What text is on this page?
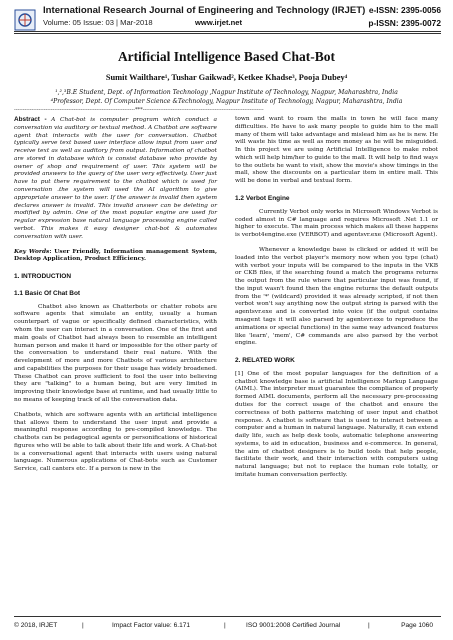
International Research Journal of Engineering and Technology (IRJET) e-ISSN: 2395-0056
Volume: 05 Issue: 03 | Mar-2018	www.irjet.net	p-ISSN: 2395-0072
Artificial Intelligence Based Chat-Bot
Sumit Wailthare¹, Tushar Gaikwad², Ketkee Khadse³, Pooja Dubey⁴
¹,²,³B.E Student, Dept. of Information Technology ,Nagpur Institute of Technology, Nagpur, Maharashtra, India
⁴Professor, Dept. Of Computer Science &Technology, Nagpur Institute of Technology, Nagpur, Maharashtra, India
---------------------------------------------------------------------***---------------------------------------------------------------------

Abstract - A Chat-bot is computer program which conduct a conversation via auditory or textual method. A Chatbot are software agent that interacts with the user for conversation. Chatbot typically serve text based user interface allow input from user and receive text as well as auditory from output. Information of chatbot are stored in database which is consist database who provide by owner of shop and requirement of user. This system will be provided answers to the query of the user very effectively. User just have to put there requirement to the chatbot which is used for conversation .the system will used the AI algorithm to give appropriate answer to the user. If the answer is invalid then system declares answer is invalid. This invalid answer can be deleting or modified by admin. One of the most popular engine are used for regular expression base natural language processing engine called verbot. This makes it easy designer chat-bot & automates conversation with user.

Key Words: User Friendly, Information management System, Desktop Application, Product Efficiency.

1. INTRODUCTION
1.1 Basic Of Chat Bot

Chatbot also known as Chatterbots or chatter robots are software agents that simulate an entity, usually a human counterpart of vague or specifically defined characteristics, with whom the user can interact in a conversation. One of the first and main goals of Chatbot had always been to resemble an intelligent human person and make it hard or impossible for the other party of the conversation to understand their real nature. With the development of more and more Chatbots of various architecture and capabilities the purposes for their usage has widely broadened. These Chatbot can prove sufficient to fool the user into believing they are "talking" to a human being, but are very limited in improving their knowledge base at runtime, and had usually little to no means of keeping track of all the conversation data.

Chatbots, which are software agents with an artificial intelligence that allows them to understand the user input and provide a meaningful response according to pre-compiled knowledge. The chatbots can be pedagogical agents or personifications of historical figures who will be able to talk about their life and work. A Chat-bot is a conversational agent that interacts with users using natural language. Numerous applications of Chat-bots such as Customer Service, call canters etc. If a person is new in the

town and want to roam the malls in town he will face many difficulties. He have to ask many people to guide him to the mall many of them will take advantage and mislead him as he is new. He will waste his time as well as more money as he will be misguided. In this project we are using Artificial Intelligence to make robot which will help him/her to guide to the mall. It will help to find ways to the outlets he want to visit, show the movie's show timings in the mall, show the discounts on a particular item in entire mall. This will be done in verbal and textual form.

1.2 Verbot Engine

Currently Verbot only works in Microsoft Windows Verbot is coded almost in C# language and requires Microsoft .Net 1.1 or higher to execute. The main process which makes all these happens is verbot4engine.exe (VERBOT) and agentsvr.exe (Microsoft Agent).

Whenever a knowledge base is clicked or added it will be loaded into the verbot player's memory now when you type (chat) with verbot your inputs will be compared to the inputs in the VKB or CKB files, if the searching found a match the programs returns the output from the rule where that particular input was found, if the input wasn't found then the engine returns the default outputs from the '*' (wildcard) provided it was already scripted, if not then verbot won't say anything now the output string is parsed with the agentsvr.exe and is converted into voice (if the output contains msagent tags it will also parsed by agentsvr.exe to reproduce the animations or special functions) in the same way advanced features like 'learn', 'mem', C# commands are also parsed by the verbot engine.

2. RELATED WORK

[1] One of the most popular languages for the definition of a chatbot knowledge base is artificial Intelligence Markup Language (AIML). The interpreter must guarantee the compliance of properly formed AIML documents, perform all the necessary pre-processing duties for the correct usage of the chatbot and ensure the correctness of both patterns matching of user input and chatbot response. A chatbot is software that is used to interact between a computer and a human in natural language. Naturally, it can extend daily life, such as help desk tools, automatic telephone answering systems, to aid in education, business and e-commerce. In general, the aim of chatbot designers is to build tools that help people, facilitate their work, and their interaction with computers using natural language; but not to replace the human role totally, or imitate human conversation perfectly.

© 2018, IRJET	|	Impact Factor value: 6.171	|	ISO 9001:2008 Certified Journal	|	Page 1060
